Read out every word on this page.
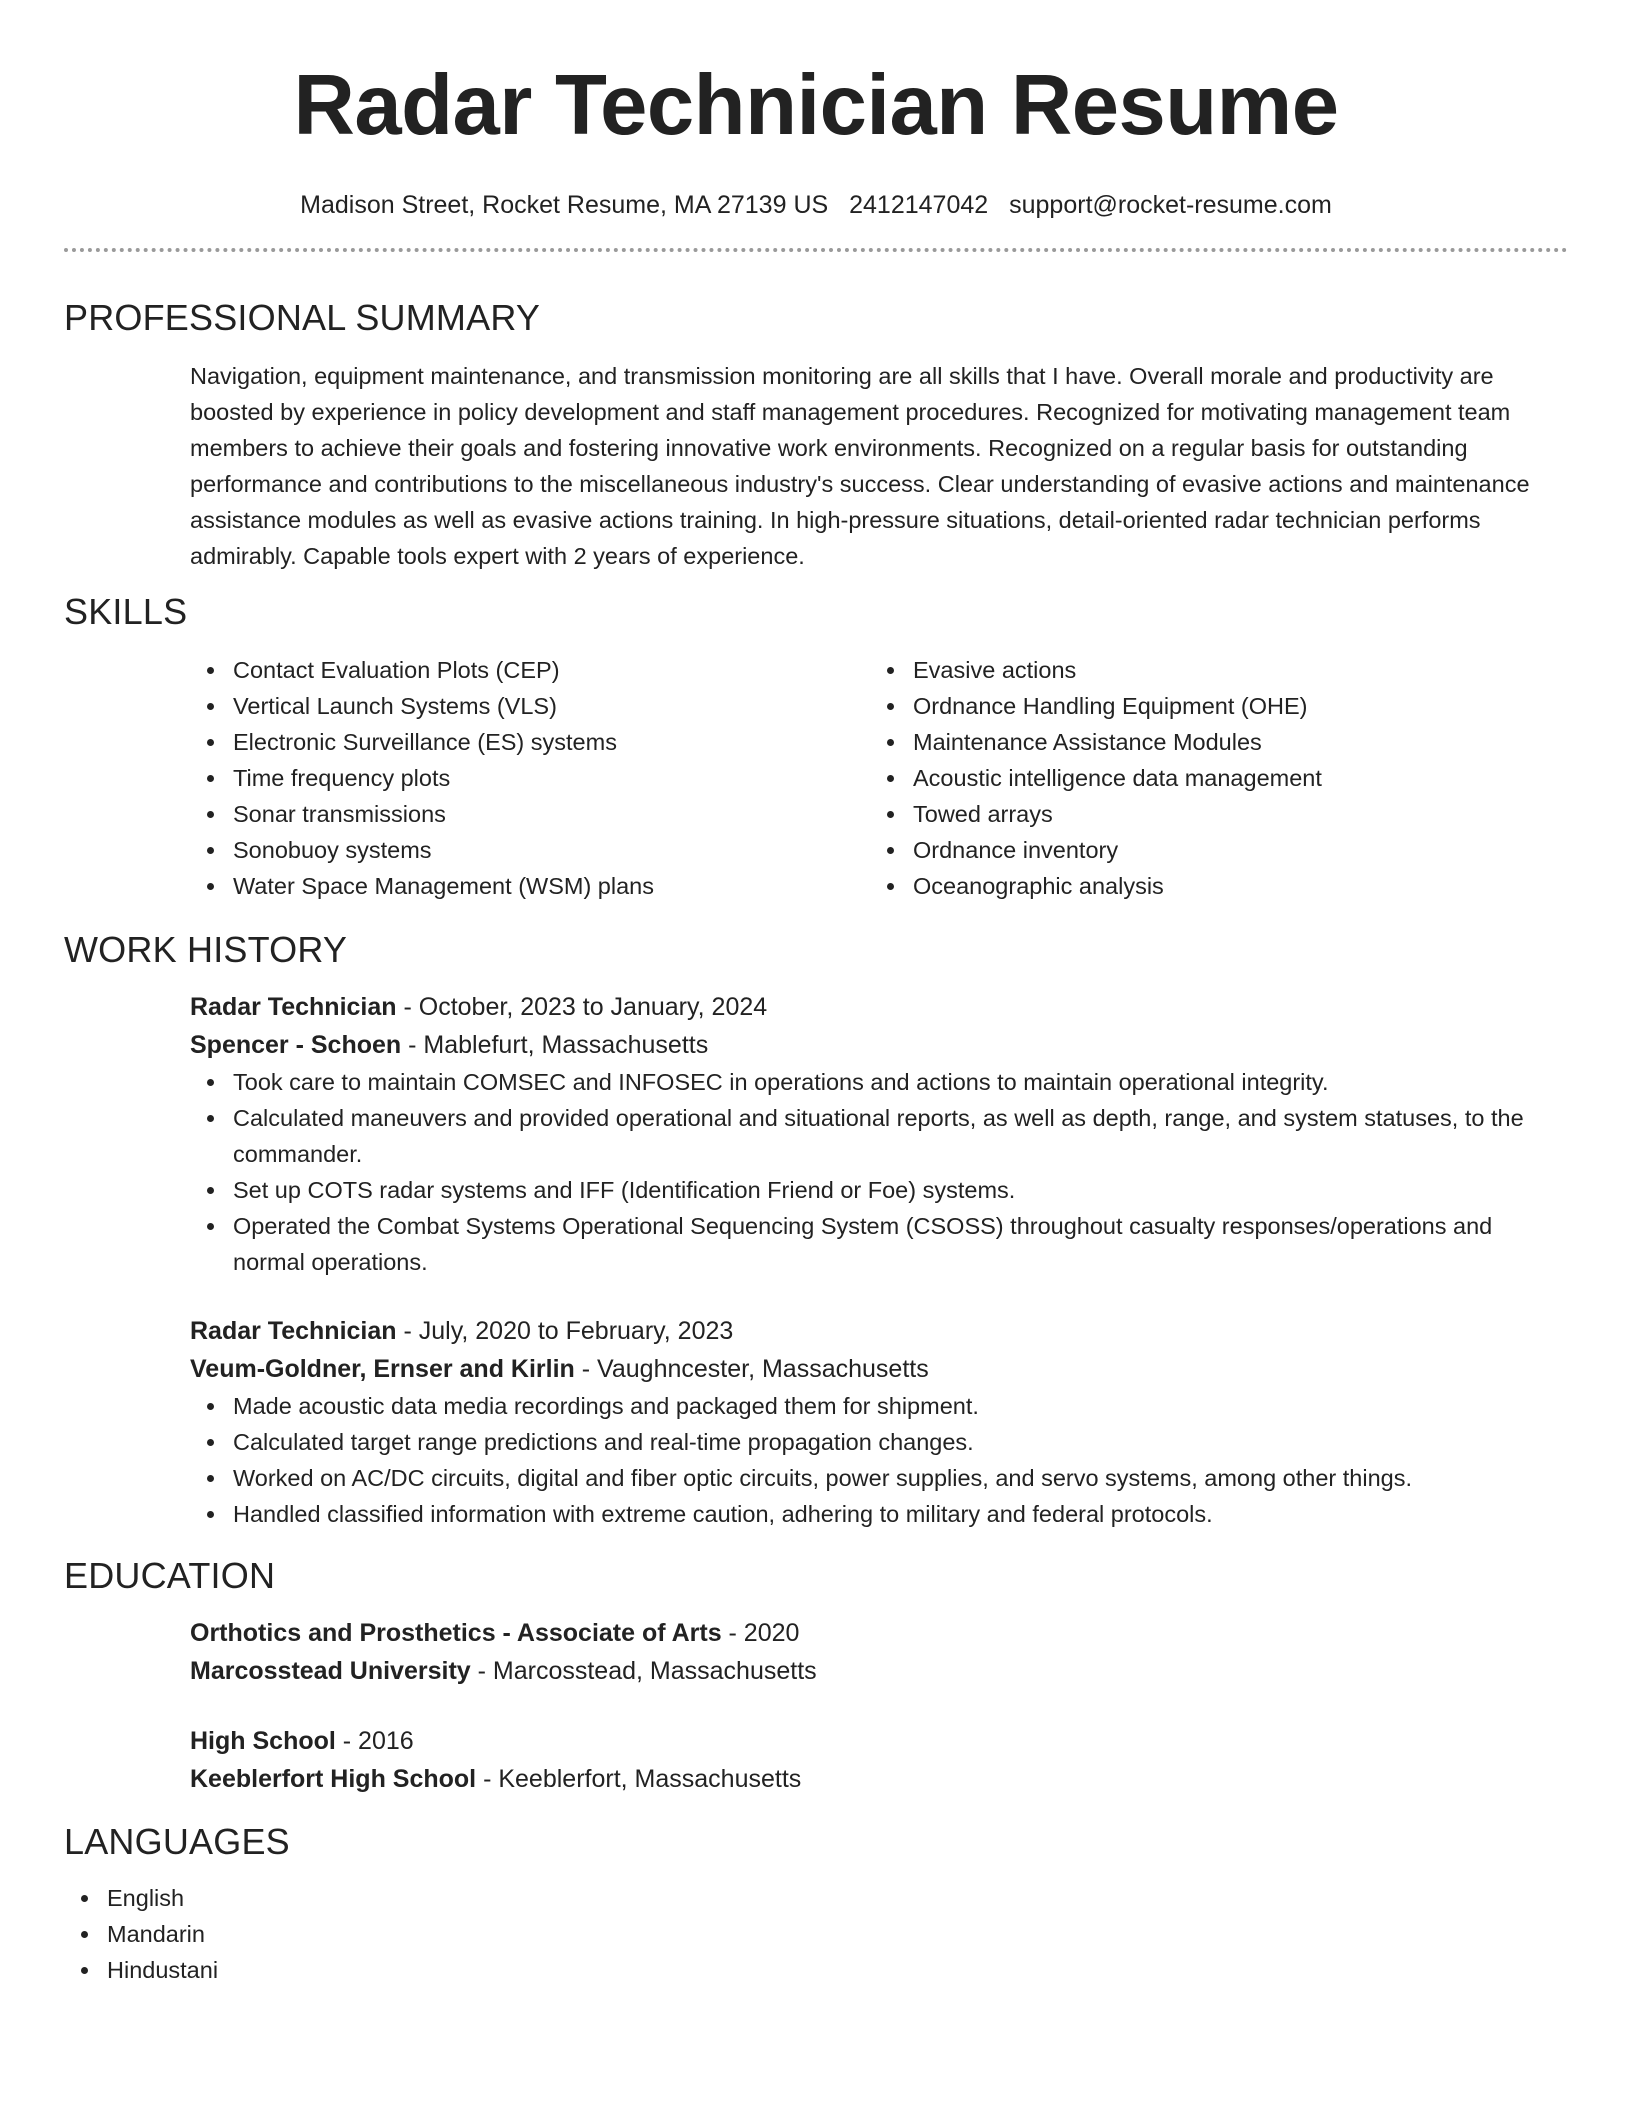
Radar Technician Resume
Madison Street, Rocket Resume, MA 27139 US 2412147042 support@rocket-resume.com
PROFESSIONAL SUMMARY

Navigation, equipment maintenance, and transmission monitoring are all skills that I have. Overall morale and productivity are boosted by experience in policy development and staff management procedures. Recognized for motivating management team members to achieve their goals and fostering innovative work environments. Recognized on a regular basis for outstanding performance and contributions to the miscellaneous industry's success. Clear understanding of evasive actions and maintenance assistance modules as well as evasive actions training. In high-pressure situations, detail-oriented radar technician performs admirably. Capable tools expert with 2 years of experience.

SKILLS
Contact Evaluation Plots (CEP)
Vertical Launch Systems (VLS)
Electronic Surveillance (ES) systems
Time frequency plots
Sonar transmissions
Sonobuoy systems
Water Space Management (WSM) plans
Evasive actions
Ordnance Handling Equipment (OHE)
Maintenance Assistance Modules
Acoustic intelligence data management
Towed arrays
Ordnance inventory
Oceanographic analysis
WORK HISTORY
Radar Technician - October, 2023 to January, 2024
Spencer - Schoen - Mablefurt, Massachusetts
Took care to maintain COMSEC and INFOSEC in operations and actions to maintain operational integrity.
Calculated maneuvers and provided operational and situational reports, as well as depth, range, and system statuses, to the commander.
Set up COTS radar systems and IFF (Identification Friend or Foe) systems.
Operated the Combat Systems Operational Sequencing System (CSOSS) throughout casualty responses/operations and normal operations.
Radar Technician - July, 2020 to February, 2023
Veum-Goldner, Ernser and Kirlin - Vaughncester, Massachusetts
Made acoustic data media recordings and packaged them for shipment.
Calculated target range predictions and real-time propagation changes.
Worked on AC/DC circuits, digital and fiber optic circuits, power supplies, and servo systems, among other things.
Handled classified information with extreme caution, adhering to military and federal protocols.
EDUCATION
Orthotics and Prosthetics - Associate of Arts - 2020
Marcosstead University - Marcosstead, Massachusetts
High School - 2016
Keeblerfort High School - Keeblerfort, Massachusetts
LANGUAGES
English
Mandarin
Hindustani
